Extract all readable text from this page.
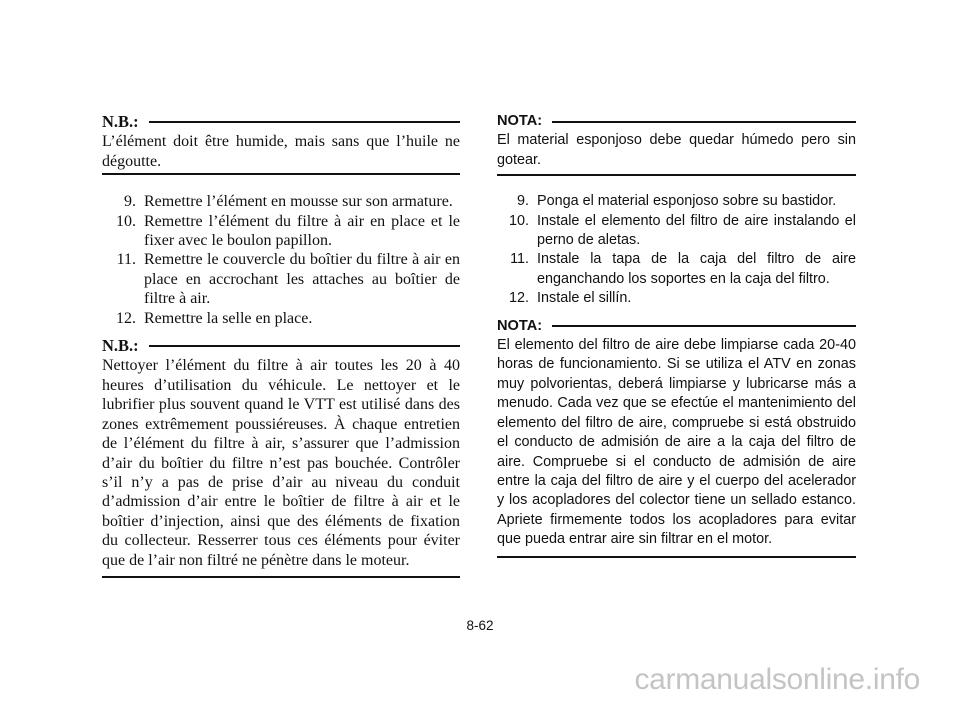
N.B.:
L’élément doit être humide, mais sans que l’huile ne dégoutte.
9. Remettre l’élément en mousse sur son armature.
10. Remettre l’élément du filtre à air en place et le fixer avec le boulon papillon.
11. Remettre le couvercle du boîtier du filtre à air en place en accrochant les attaches au boîtier de filtre à air.
12. Remettre la selle en place.
N.B.:
Nettoyer l’élément du filtre à air toutes les 20 à 40 heures d’utilisation du véhicule. Le nettoyer et le lubrifier plus souvent quand le VTT est utilisé dans des zones extrêmement poussiéreuses. À chaque entretien de l’élément du filtre à air, s’assurer que l’admission d’air du boîtier du filtre n’est pas bouchée. Contrôler s’il n’y a pas de prise d’air au niveau du conduit d’admission d’air entre le boîtier de filtre à air et le boîtier d’injection, ainsi que des éléments de fixation du collecteur. Resserrer tous ces éléments pour éviter que de l’air non filtré ne pénètre dans le moteur.
NOTA:
El material esponjoso debe quedar húmedo pero sin gotear.
9. Ponga el material esponjoso sobre su bastidor.
10. Instale el elemento del filtro de aire instalando el perno de aletas.
11. Instale la tapa de la caja del filtro de aire enganchando los soportes en la caja del filtro.
12. Instale el sillín.
NOTA:
El elemento del filtro de aire debe limpiarse cada 20-40 horas de funcionamiento. Si se utiliza el ATV en zonas muy polvorientas, deberá limpiarse y lubricarse más a menudo. Cada vez que se efectúe el mantenimiento del elemento del filtro de aire, compruebe si está obstruido el conducto de admisión de aire a la caja del filtro de aire. Compruebe si el conducto de admisión de aire entre la caja del filtro de aire y el cuerpo del acelerador y los acopladores del colector tiene un sellado estanco. Apriete firmemente todos los acopladores para evitar que pueda entrar aire sin filtrar en el motor.
8-62
carmanualsonline.info
